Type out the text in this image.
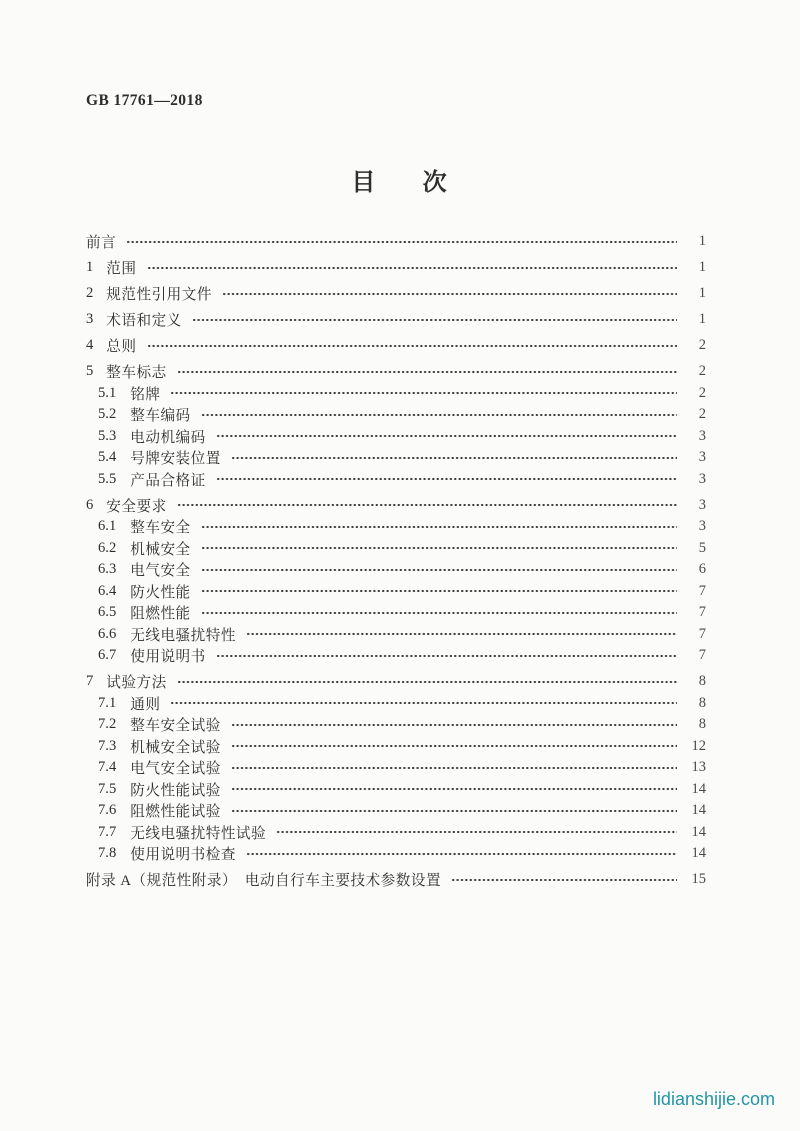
GB 17761—2018
目 次
前言	1
1 范围	1
2 规范性引用文件	1
3 术语和定义	1
4 总则	2
5 整车标志	2
5.1 铭牌	2
5.2 整车编码	2
5.3 电动机编码	3
5.4 号牌安装位置	3
5.5 产品合格证	3
6 安全要求	3
6.1 整车安全	3
6.2 机械安全	5
6.3 电气安全	6
6.4 防火性能	7
6.5 阻燃性能	7
6.6 无线电骚扰特性	7
6.7 使用说明书	7
7 试验方法	8
7.1 通则	8
7.2 整车安全试验	8
7.3 机械安全试验	12
7.4 电气安全试验	13
7.5 防火性能试验	14
7.6 阻燃性能试验	14
7.7 无线电骚扰特性试验	14
7.8 使用说明书检查	14
附录 A（规范性附录）　电动自行车主要技术参数设置	15
lidianshijie.com
